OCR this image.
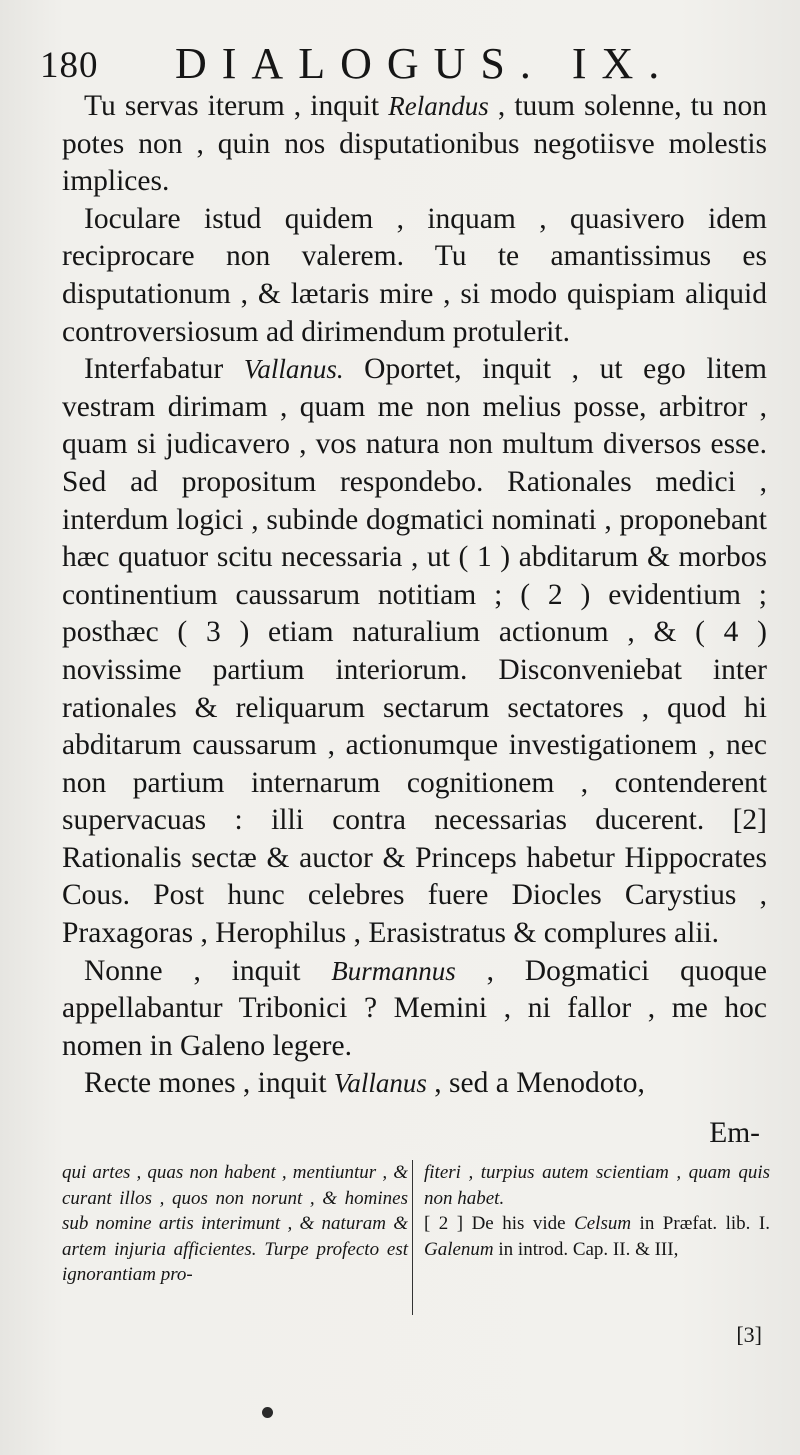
180 DIALOGUS. IX.

Tu servas iterum , inquit Relandus , tuum solenne, tu non potes non , quin nos disputationibus negotiisve molestis implices.

Ioculare istud quidem , inquam , quasivero idem reciprocare non valerem. Tu te amantissimus es disputationum , & lætaris mire , si modo quispiam aliquid controversiosum ad dirimendum protulerit.

Interfabatur Vallanus. Oportet, inquit , ut ego litem vestram dirimam , quam me non melius posse, arbitror , quam si judicavero , vos natura non multum diversos esse. Sed ad propositum respondebo. Rationales medici , interdum logici , subinde dogmatici nominati , proponebant hæc quatuor scitu necessaria , ut ( 1 ) abditarum & morbos continentium caussarum notitiam ; ( 2 ) evidentium ; posthæc ( 3 ) etiam naturalium actionum , & ( 4 ) novissime partium interiorum. Disconveniebat inter rationales & reliquarum sectarum sectatores , quod hi abditarum caussarum , actionumque investigationem , nec non partium internarum cognitionem , contenderent supervacuas : illi contra necessarias ducerent. [2] Rationalis sectæ & auctor & Princeps habetur Hippocrates Cous. Post hunc celebres fuere Diocles Carystius , Praxagoras , Herophilus , Erasistratus & complures alii.

Nonne , inquit Burmannus , Dogmatici quoque appellabantur Tribonici ? Memini , ni fallor , me hoc nomen in Galeno legere.

Recte mones , inquit Vallanus , sed a Menodoto,

Em-
qui artes , quas non habent , mentiuntur , & curant illos , quos non norunt , & homines sub nomine artis interimunt , & naturam & artem injuria afficientes. Turpe profecto est ignorantiam pro-
fiteri , turpius autem scientiam , quam quis non habet.
[ 2 ] De his vide Celsum in Præfat. lib. I. Galenum in introd. Cap. II. & III,
[3]
